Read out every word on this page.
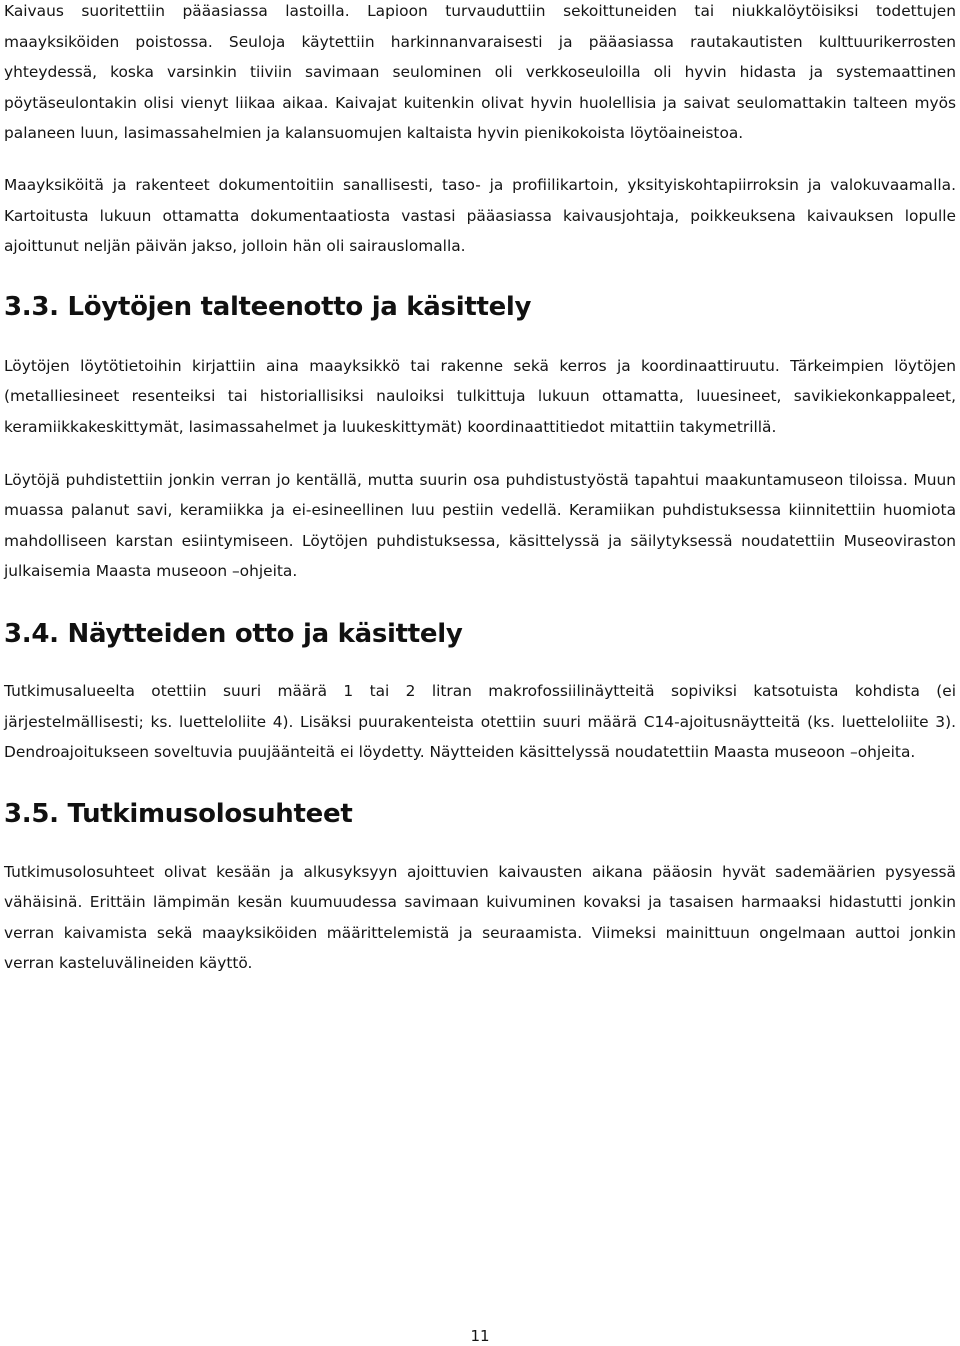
Kaivaus suoritettiin pääasiassa lastoilla. Lapioon turvauduttiin sekoittuneiden tai niukkalöytöisiksi todettujen maayksiköiden poistossa. Seuloja käytettiin harkinnanvaraisesti ja pääasiassa rautakautisten kulttuurikerrosten yhteydessä, koska varsinkin tiiviin savimaan seulominen oli verkkoseuloilla oli hyvin hidasta ja systemaattinen pöytäseulontakin olisi vienyt liikaa aikaa. Kaivajat kuitenkin olivat hyvin huolellisia ja saivat seulomattakin talteen myös palaneen luun, lasimassahelmien ja kalansuomujen kaltaista hyvin pienikokoista löytöaineistoa.

Maayksiköitä ja rakenteet dokumentoitiin sanallisesti, taso- ja profiilikartoin, yksityiskohtapiirroksin ja valokuvaamalla. Kartoitusta lukuun ottamatta dokumentaatiosta vastasi pääasiassa kaivausjohtaja, poikkeuksena kaivauksen lopulle ajoittunut neljän päivän jakso, jolloin hän oli sairauslomalla.

3.3. Löytöjen talteenotto ja käsittely

Löytöjen löytötietoihin kirjattiin aina maayksikkö tai rakenne sekä kerros ja koordinaattiruutu. Tärkeimpien löytöjen (metalliesineet resenteiksi tai historiallisiksi nauloiksi tulkittuja lukuun ottamatta, luuesineet, savikiekonkappaleet, keramiikkakeskittymät, lasimassahelmet ja luukeskittymät) koordinaattitiedot mitattiin takymetrillä.

Löytöjä puhdistettiin jonkin verran jo kentällä, mutta suurin osa puhdistustyöstä tapahtui maakuntamuseon tiloissa. Muun muassa palanut savi, keramiikka ja ei-esineellinen luu pestiin vedellä. Keramiikan puhdistuksessa kiinnitettiin huomiota mahdolliseen karstan esiintymiseen. Löytöjen puhdistuksessa, käsittelyssä ja säilytyksessä noudatettiin Museoviraston julkaisemia Maasta museoon –ohjeita.

3.4. Näytteiden otto ja käsittely

Tutkimusalueelta otettiin suuri määrä 1 tai 2 litran makrofossiilinäytteitä sopiviksi katsotuista kohdista (ei järjestelmällisesti; ks. luetteloliite 4). Lisäksi puurakenteista otettiin suuri määrä C14-ajoitusnäytteitä (ks. luetteloliite 3). Dendroajoitukseen soveltuvia puujäänteitä ei löydetty. Näytteiden käsittelyssä noudatettiin Maasta museoon –ohjeita.

3.5. Tutkimusolosuhteet

Tutkimusolosuhteet olivat kesään ja alkusyksyyn ajoittuvien kaivausten aikana pääosin hyvät sademäärien pysyessä vähäisinä. Erittäin lämpimän kesän kuumuudessa savimaan kuivuminen kovaksi ja tasaisen harmaaksi hidastutti jonkin verran kaivamista sekä maayksiköiden määrittelemistä ja seuraamista. Viimeksi mainittuun ongelmaan auttoi jonkin verran kasteluvälineiden käyttö.

11
